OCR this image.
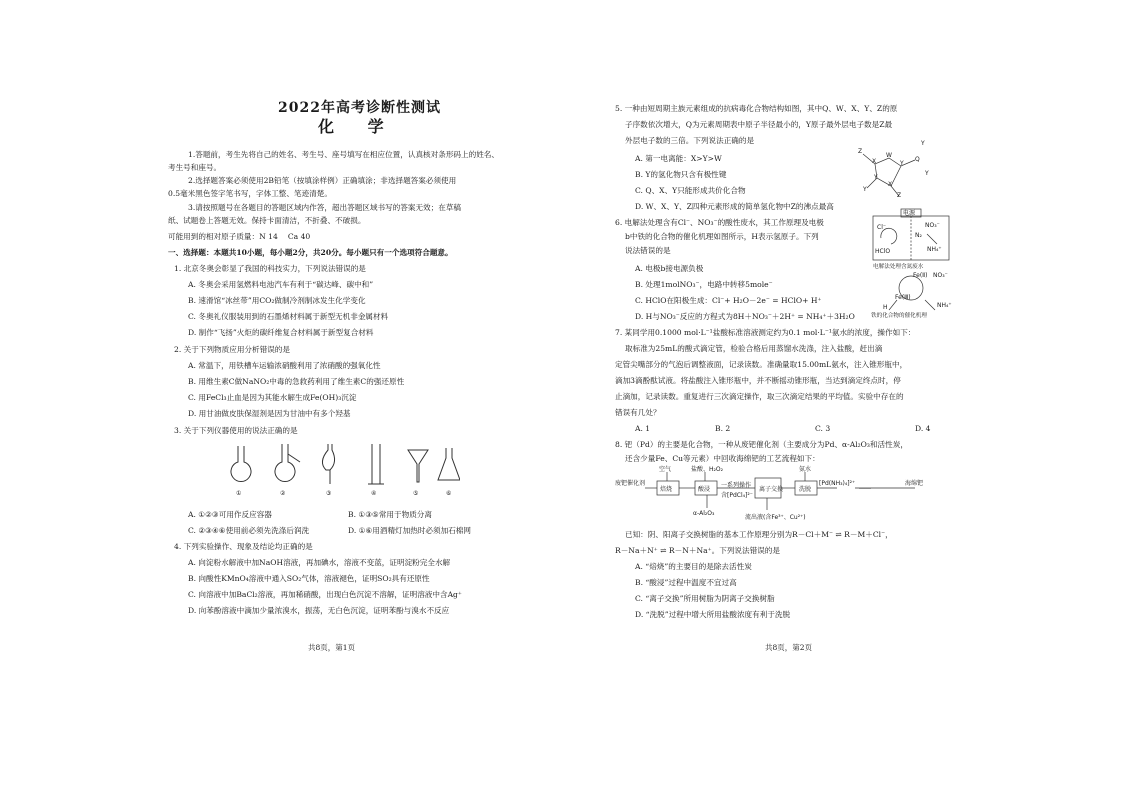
2022年高考诊断性测试
化 学
1.答题前，考生先将自己的姓名、考生号、座号填写在相应位置，认真核对条形码上的姓名、
考生号和座号。
2.选择题答案必须使用2B铅笔（按填涂样例）正确填涂；非选择题答案必须使用
0.5毫米黑色签字笔书写，字体工整、笔迹清楚。
3.请按照题号在各题目的答题区域内作答，超出答题区域书写的答案无效；在草稿
纸、试题卷上答题无效。保持卡面清洁，不折叠、不破损。
可能用到的相对原子质量：N 14　 Ca 40
一、选择题：本题共10小题，每小题2分，共20分。每小题只有一个选项符合题意。
1. 北京冬奥会彰显了我国的科技实力，下列说法错误的是
A. 冬奥会采用氢燃料电池汽车有利于“碳达峰、碳中和”
B. 速滑馆“冰丝带”用CO₂做制冷剂制冰发生化学变化
C. 冬奥礼仪服装用到的石墨烯材料属于新型无机非金属材料
D. 制作“飞扬”火炬的碳纤维复合材料属于新型复合材料
2. 关于下列物质应用分析错误的是
A. 常温下，用铁槽车运输浓硝酸利用了浓硝酸的强氧化性
B. 用维生素C做NaNO₂中毒的急救药利用了维生素C的强还原性
C. 用FeCl₃止血是因为其能水解生成Fe(OH)₃沉淀
D. 用甘油做皮肤保湿剂是因为甘油中有多个羟基
3. 关于下列仪器使用的说法正确的是
①	②	③	④	⑤	⑥
A. ①②③可用作反应容器	B. ①③⑤常用于物质分离
C. ②③④⑥使用前必须先洗涤后润洗	D. ①⑥用酒精灯加热时必须加石棉网
4. 下列实验操作、现象及结论均正确的是
A. 向淀粉水解液中加NaOH溶液，再加碘水，溶液不变蓝，证明淀粉完全水解
B. 向酸性KMnO₄溶液中通入SO₂气体，溶液褪色，证明SO₂具有还原性
C. 向溶液中加BaCl₂溶液，再加稀硝酸，出现白色沉淀不溶解，证明溶液中含Ag⁺
D. 向苯酚溶液中滴加少量浓溴水，振荡，无白色沉淀，证明苯酚与溴水不反应
共8页，第1页
5. 一种由短周期主族元素组成的抗病毒化合物结构如图，其中Q、W、X、Y、Z的原
子序数依次增大，Q为元素周期表中原子半径最小的，Y原子最外层电子数是Z最
外层电子数的三倍。下列说法正确的是
A. 第一电离能：X>Y>W
B. Y的氢化物只含有极性键
C. Q、X、Y只能形成共价化合物
D. W、X、Y、Z四种元素形成的简单氢化物中Z的沸点最高
Z
X
W
Y
Q
Y
X
Y
Z
Y
Y
6. 电解法处理含有Cl⁻、NO₃⁻的酸性废水，其工作原理及电极
b中铁的化合物的催化机理如图所示，H表示氢原子。下列
说法错误的是
A. 电极b接电源负极
B. 处理1molNO₃⁻，电路中转移5mole⁻
C. HClO在阳极生成：Cl⁻+ H₂O－2e⁻ = HClO+ H⁺
D. H与NO₃⁻反应的方程式为8H＋NO₃⁻＋2H⁺ = NH₄⁺＋3H₂O
电源
Cl⁻
HClO
NO₃⁻
NH₄⁺
N₂
电解法处理含氮废水
Fe(Ⅱ)
Fe(Ⅲ)
H
NO₃⁻
NH₄⁺
铁的化合物的催化机理
7. 某同学用0.1000 mol·L⁻¹盐酸标准溶液测定约为0.1 mol·L⁻¹氨水的浓度，操作如下：
取标准为25mL的酸式滴定管，检验合格后用蒸馏水洗涤，注入盐酸，赶出滴
定管尖嘴部分的气泡后调整液面，记录读数。准确量取15.00mL氨水，注入锥形瓶中，
滴加3滴酚酞试液。将盐酸注入锥形瓶中，并不断摇动锥形瓶，当达到滴定终点时，停
止滴加，记录读数。重复进行三次滴定操作，取三次滴定结果的平均值。实验中存在的
错误有几处？
A. 1	B. 2	C. 3	D. 4
8. 钯（Pd）的主要是化合物，一种从废钯催化剂（主要成分为Pd、α-Al₂O₃和活性炭，
还含少量Fe、Cu等元素）中回收海绵钯的工艺流程如下：
空气	盐酸、H₂O₂	氨水
废钯催化剂
焙烧	酸浸
一系列操作
含[PdCl₄]²⁻
离子交换	洗脱
[Pd(NH₃)₄]²⁺
……
海绵钯
α-Al₂O₃
流出液(含Fe³⁺、Cu²⁺)
已知：阴、阳离子交换树脂的基本工作原理分别为R－Cl＋M⁻ ⇌ R－M＋Cl⁻，
R－Na＋N⁺ ⇌ R－N＋Na⁺。下列说法错误的是
A. “焙烧”的主要目的是除去活性炭
B. “酸浸”过程中温度不宜过高
C. “离子交换”所用树脂为阴离子交换树脂
D. “洗脱”过程中增大所用盐酸浓度有利于洗脱
共8页，第2页
